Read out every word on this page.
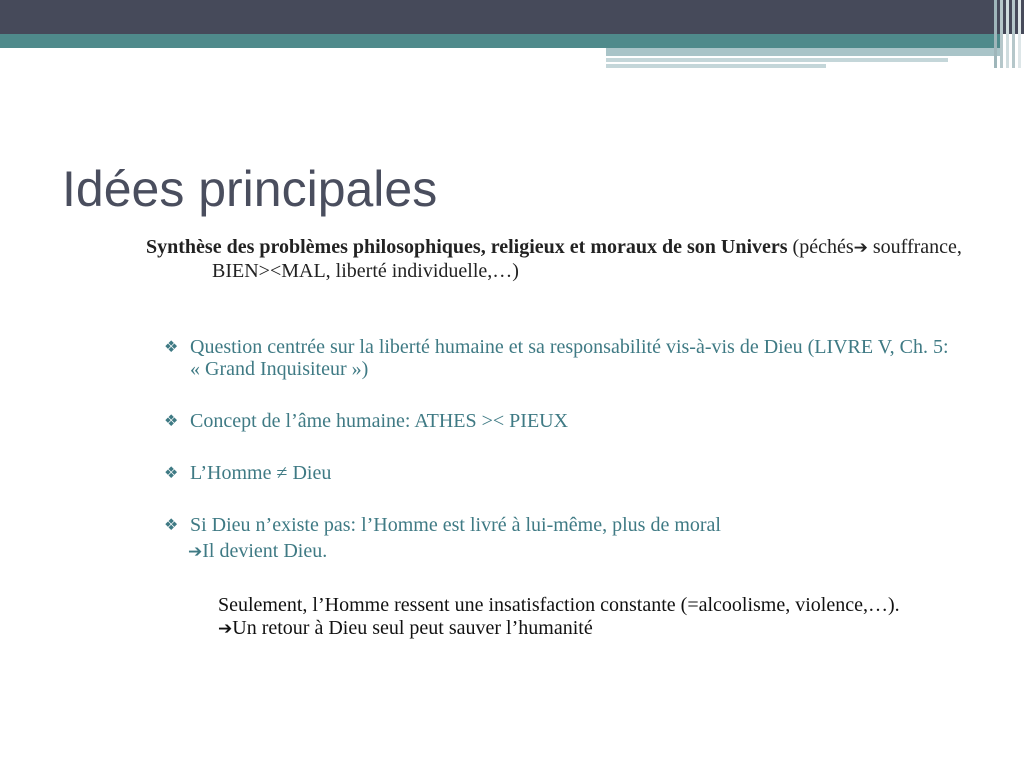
Idées principales
Synthèse des problèmes philosophiques, religieux et moraux de son Univers (péchés➔ souffrance, BIEN><MAL, liberté individuelle,…)
❖ Question centrée sur la liberté humaine et sa responsabilité vis-à-vis de Dieu (LIVRE V, Ch. 5: « Grand Inquisiteur »)
❖ Concept de l’âme humaine: ATHES >< PIEUX
❖ L’Homme ≠ Dieu
❖ Si Dieu n’existe pas: l’Homme est livré à lui-même, plus de moral
➔Il devient Dieu.
Seulement, l’Homme ressent une insatisfaction constante (=alcoolisme, violence,…).
➔Un retour à Dieu seul peut sauver l’humanité
